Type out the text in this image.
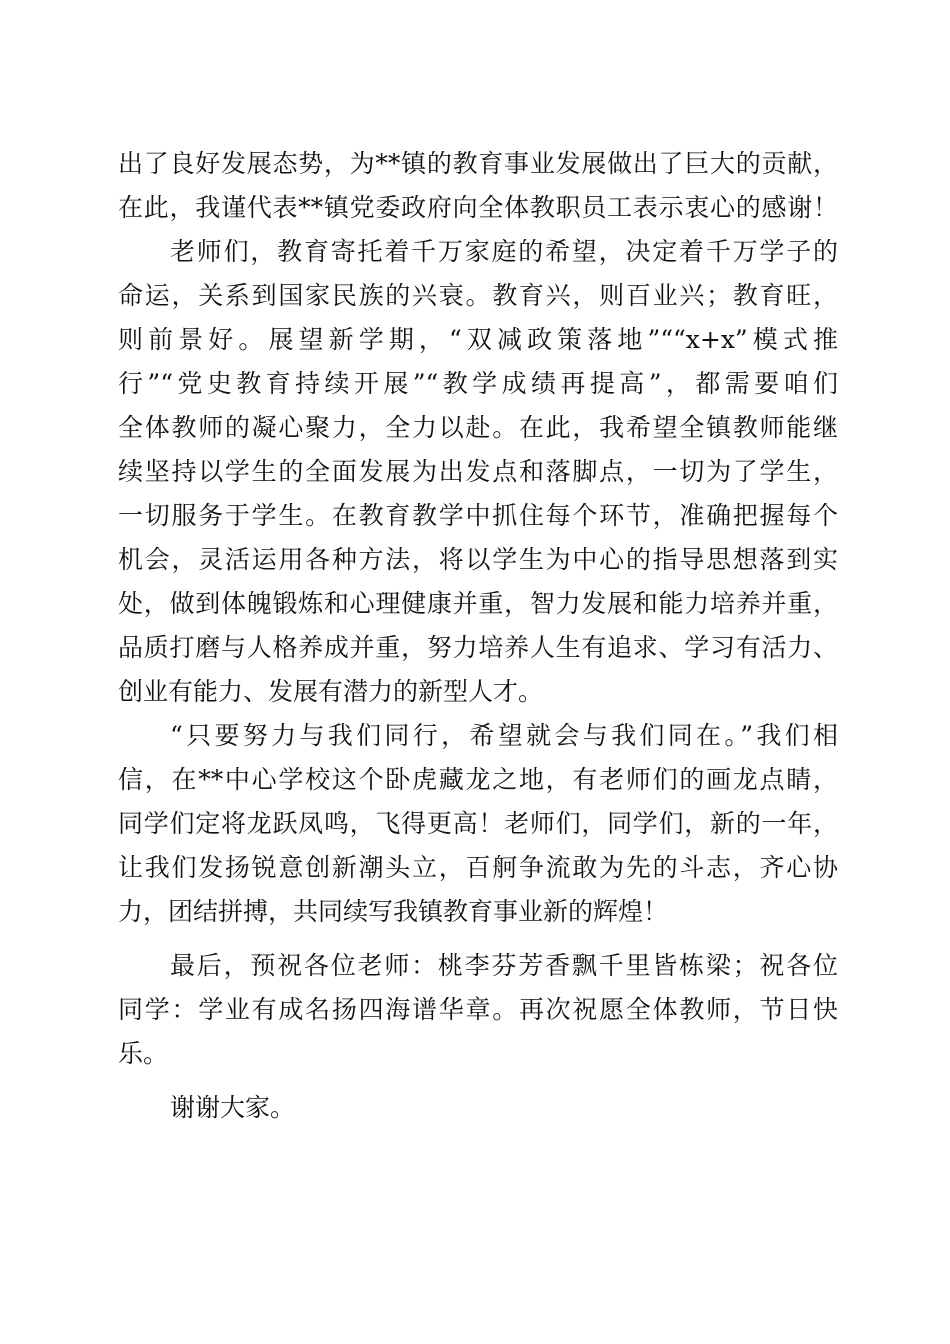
出了良好发展态势，为**镇的教育事业发展做出了巨大的贡献，
在此，我谨代表**镇党委政府向全体教职员工表示衷心的感谢！
老师们，教育寄托着千万家庭的希望，决定着千万学子的
命运，关系到国家民族的兴衰。教育兴，则百业兴；教育旺，
则前景好。展望新学期，“双减政策落地”““x+x”模式推
行”“党史教育持续开展”“教学成绩再提高”，都需要咱们
全体教师的凝心聚力，全力以赴。在此，我希望全镇教师能继
续坚持以学生的全面发展为出发点和落脚点，一切为了学生，
一切服务于学生。在教育教学中抓住每个环节，准确把握每个
机会，灵活运用各种方法，将以学生为中心的指导思想落到实
处，做到体魄锻炼和心理健康并重，智力发展和能力培养并重，
品质打磨与人格养成并重，努力培养人生有追求、学习有活力、
创业有能力、发展有潜力的新型人才。
“只要努力与我们同行，希望就会与我们同在。”我们相
信，在**中心学校这个卧虎藏龙之地，有老师们的画龙点睛，
同学们定将龙跃凤鸣，飞得更高！老师们，同学们，新的一年，
让我们发扬锐意创新潮头立，百舸争流敢为先的斗志，齐心协
力，团结拼搏，共同续写我镇教育事业新的辉煌！
最后，预祝各位老师：桃李芬芳香飘千里皆栋梁；祝各位
同学：学业有成名扬四海谱华章。再次祝愿全体教师，节日快
乐。
谢谢大家。
